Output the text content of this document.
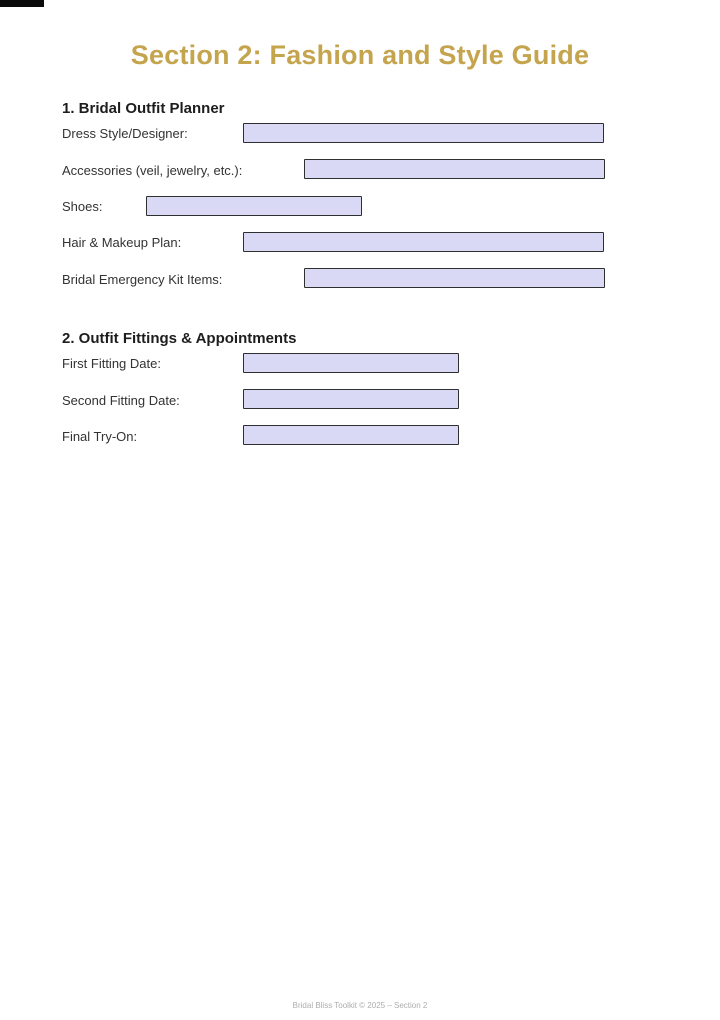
Section 2: Fashion and Style Guide
1. Bridal Outfit Planner
Dress Style/Designer:
Accessories (veil, jewelry, etc.):
Shoes:
Hair & Makeup Plan:
Bridal Emergency Kit Items:
2. Outfit Fittings & Appointments
First Fitting Date:
Second Fitting Date:
Final Try-On:
Bridal Bliss Toolkit © 2025 – Section 2
